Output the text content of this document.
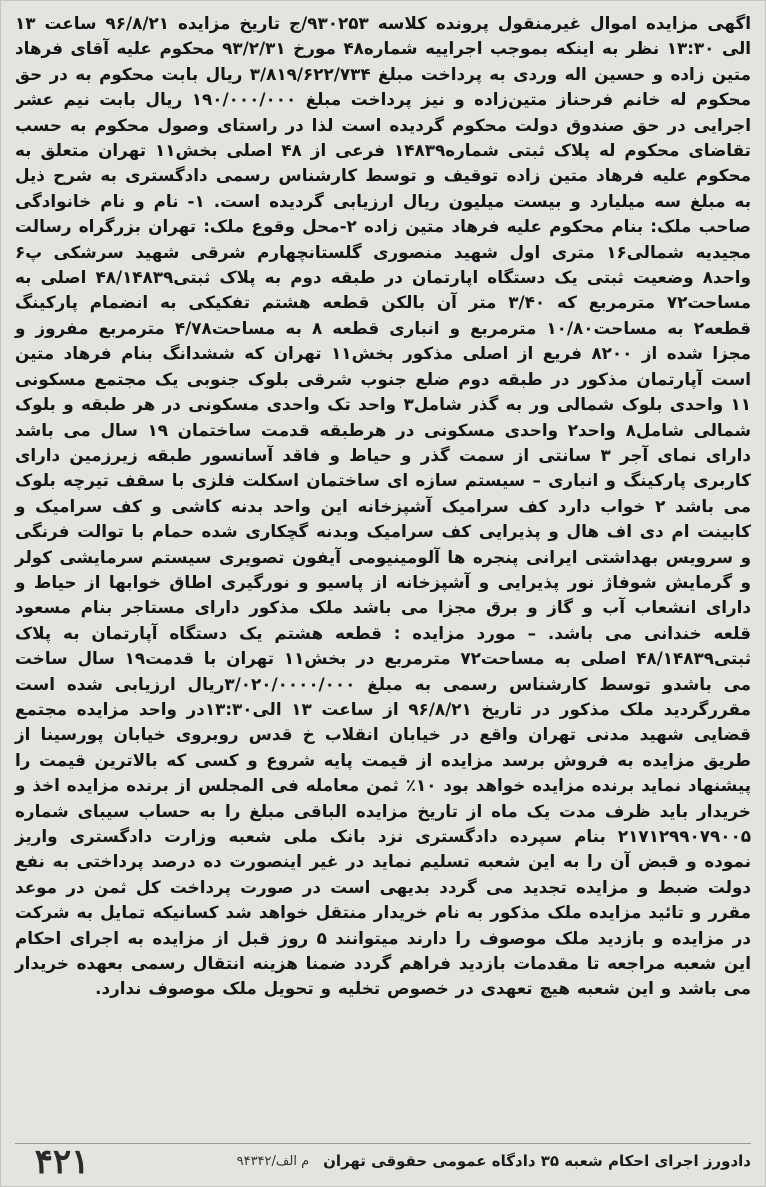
اگهی مزایده اموال غیرمنقول پرونده کلاسه ۹۳۰۲۵۳/ج تاریخ مزایده ۹۶/۸/۲۱ ساعت ۱۳ الی ۱۳:۳۰ نظر به اینکه بموجب اجراییه شماره۴۸ مورخ ۹۳/۲/۳۱ محکوم علیه آقای فرهاد متین زاده و حسین اله وردی به پرداخت مبلغ ۳/۸۱۹/۶۲۲/۷۳۴ ریال بابت محکوم به در حق محکوم له خانم فرحناز متین‌زاده و نیز پرداخت مبلغ ۱۹۰/۰۰۰/۰۰۰ ریال بابت نیم عشر اجرایی در حق صندوق دولت محکوم گردیده است لذا در راستای وصول محکوم به حسب تقاضای محکوم له پلاک ثبتی شماره۱۴۸۳۹ فرعی از ۴۸ اصلی بخش۱۱ تهران متعلق به محکوم علیه فرهاد متین زاده توقیف و توسط کارشناس رسمی دادگستری به شرح ذیل به مبلغ سه میلیارد و بیست میلیون ریال ارزیابی گردیده است. ۱- نام و نام خانوادگی صاحب ملک: بنام محکوم علیه فرهاد متین زاده ۲-محل وقوع ملک: تهران بزرگراه رسالت مجیدیه شمالی۱۶ متری اول شهید منصوری گلستانچهارم شرقی شهید سرشکی پ۶ واحد۸ وضعیت ثبتی یک دستگاه اپارتمان در طبقه دوم به پلاک ثبتی۴۸/۱۴۸۳۹ اصلی به مساحت۷۲ مترمربع که ۳/۴۰ متر آن بالکن قطعه هشتم تفکیکی به انضمام پارکینگ قطعه۲ به مساحت۱۰/۸۰ مترمربع و انباری قطعه ۸ به مساحت۴/۷۸ مترمربع مفروز و مجزا شده از ۸۲۰۰ فریع از اصلی مذکور بخش۱۱ تهران که ششدانگ بنام فرهاد متین است آپارتمان مذکور در طبقه دوم ضلع جنوب شرقی بلوک جنوبی یک مجتمع مسکونی ۱۱ واحدی بلوک شمالی ور به گذر شامل۳ واحد تک واحدی مسکونی در هر طبقه و بلوک شمالی شامل۸ واحد۲ واحدی مسکونی در هرطبقه قدمت ساختمان ۱۹ سال می باشد دارای نمای آجر ۳ سانتی از سمت گذر و حیاط و فاقد آسانسور طبقه زیرزمین دارای کاربری پارکینگ و انباری – سیستم سازه ای ساختمان اسکلت فلزی با سقف تیرچه بلوک می باشد ۲ خواب دارد کف سرامیک آشپزخانه این واحد بدنه کاشی و کف سرامیک و کابینت ام دی اف هال و پذیرایی کف سرامیک وبدنه گچکاری شده حمام با توالت فرنگی و سرویس بهداشتی ایرانی پنجره ها آلومینیومی آیفون تصویری سیستم سرمایشی کولر و گرمایش شوفاژ نور پذیرایی و آشپزخانه از پاسیو و نورگیری اطاق خوابها از حیاط و دارای انشعاب آب و گاز و برق مجزا می باشد ملک مذکور دارای مستاجر بنام مسعود قلعه خندانی می باشد. – مورد مزایده : قطعه هشتم یک دستگاه آپارتمان به پلاک ثبتی۴۸/۱۴۸۳۹ اصلی به مساحت۷۲ مترمربع در بخش۱۱ تهران با قدمت۱۹ سال ساخت می باشدو توسط کارشناس رسمی به مبلغ ۳/۰۲۰/۰۰۰۰/۰۰۰ریال ارزیابی شده است مقررگردید ملک مذکور در تاریخ ۹۶/۸/۲۱ از ساعت ۱۳ الی۱۳:۳۰در واحد مزایده مجتمع قضایی شهید مدنی تهران واقع در خیابان انقلاب خ قدس روبروی خیابان پورسینا از طریق مزایده به فروش برسد مزایده از قیمت پایه شروع و کسی که بالاترین قیمت را پیشنهاد نماید برنده مزایده خواهد بود ۱۰٪ ثمن معامله فی المجلس از برنده مزایده اخذ و خریدار باید ظرف مدت یک ماه از تاریخ مزایده الباقی مبلغ را به حساب سیبای شماره ۲۱۷۱۲۹۹۰۷۹۰۰۵ بنام سپرده دادگستری نزد بانک ملی شعبه وزارت دادگستری واریز نموده و قبض آن را به این شعبه تسلیم نماید در غیر اینصورت ده درصد پرداختی به نفع دولت ضبط و مزایده تجدید می گردد بدیهی است در صورت پرداخت کل ثمن در موعد مقرر و تائید مزایده ملک مذکور به نام خریدار منتقل خواهد شد کسانیکه تمایل به شرکت در مزایده و بازدید ملک موصوف را دارند میتوانند ۵ روز قبل از مزایده به اجرای احکام این شعبه مراجعه تا مقدمات بازدید فراهم گردد ضمنا هزینه انتقال رسمی بعهده خریدار می باشد و این شعبه هیچ تعهدی در خصوص تخلیه و تحویل ملک موصوف ندارد.

دادورز اجرای احکام شعبه ۳۵ دادگاه عمومی حقوقی تهران
م الف/۹۴۳۴۲
۴۲۱
